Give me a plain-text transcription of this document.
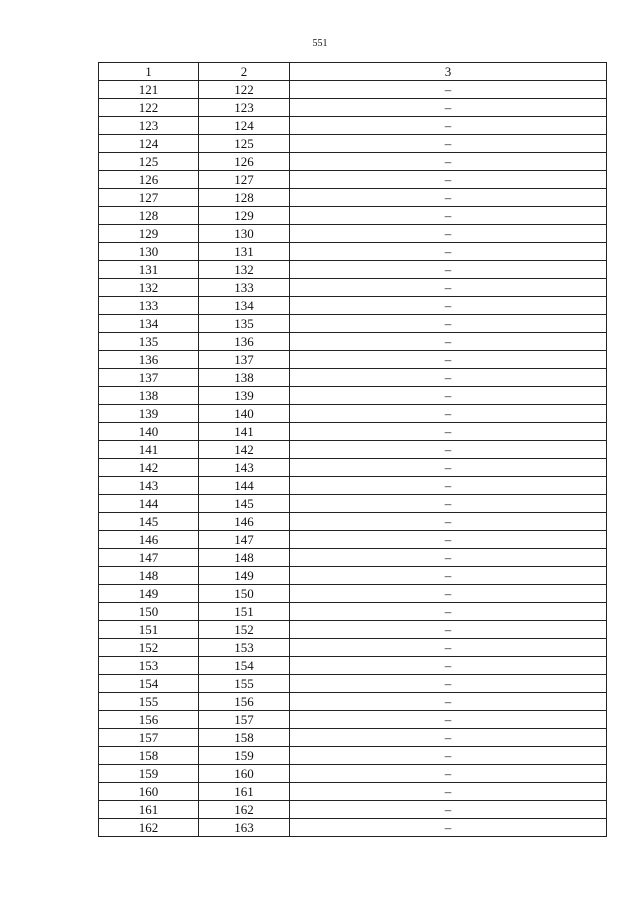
551
1	2	3
121	122	–
122	123	–
123	124	–
124	125	–
125	126	–
126	127	–
127	128	–
128	129	–
129	130	–
130	131	–
131	132	–
132	133	–
133	134	–
134	135	–
135	136	–
136	137	–
137	138	–
138	139	–
139	140	–
140	141	–
141	142	–
142	143	–
143	144	–
144	145	–
145	146	–
146	147	–
147	148	–
148	149	–
149	150	–
150	151	–
151	152	–
152	153	–
153	154	–
154	155	–
155	156	–
156	157	–
157	158	–
158	159	–
159	160	–
160	161	–
161	162	–
162	163	–
